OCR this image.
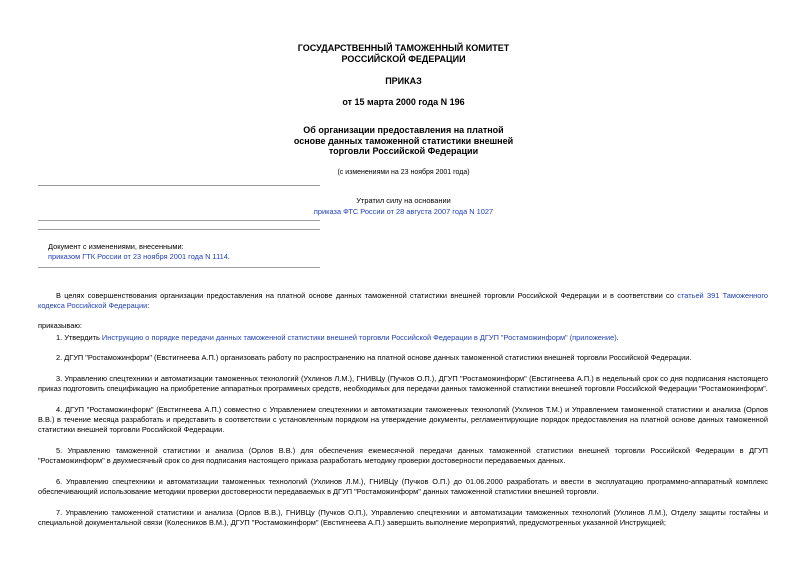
ГОСУДАРСТВЕННЫЙ ТАМОЖЕННЫЙ КОМИТЕТ
РОССИЙСКОЙ ФЕДЕРАЦИИ
ПРИКАЗ
от 15 марта 2000 года N 196
Об организации предоставления на платной
основе данных таможенной статистики внешней
торговли Российской Федерации
(с изменениями на 23 ноября 2001 года)
Утратил силу на основании
приказа ФТС России от 28 августа 2007 года N 1027
Документ с изменениями, внесенными:
приказом ГТК России от 23 ноября 2001 года N 1114.
В целях совершенствования организации предоставления на платной основе данных таможенной статистики внешней торговли Российской Федерации и в соответствии со статьей 391 Таможенного кодекса Российской Федерации:
приказываю:
1. Утвердить Инструкцию о порядке передачи данных таможенной статистики внешней торговли Российской Федерации в ДГУП "Ростаможинформ" (приложение).
2. ДГУП "Ростаможинформ" (Евстигнеева А.П.) организовать работу по распространению на платной основе данных таможенной статистики внешней торговли Российской Федерации.
3. Управлению спецтехники и автоматизации таможенных технологий (Ухлинов Л.М.), ГНИВЦу (Пучков О.П.), ДГУП "Ростаможинформ" (Евстигнеева А.П.) в недельный срок со дня подписания настоящего приказ подготовить спецификацию на приобретение аппаратных программных средств, необходимых для передачи данных таможенной статистики внешней торговли Российской Федерации "Ростаможинформ".
4. ДГУП "Ростаможинформ" (Евстигнеева А.П.) совместно с Управлением спецтехники и автоматизации таможенных технологий (Ухлинов Т.М.) и Управлением таможенной статистики и анализа (Орлов В.В.) в течение месяца разработать и представить в соответствии с установленным порядком на утверждение документы, регламентирующие порядок предоставления на платной основе данных таможенной статистики внешней торговли Российской Федерации.
5. Управлению таможенной статистики и анализа (Орлов В.В.) для обеспечения ежемесячной передачи данных таможенной статистики внешней торговли Российской Федерации в ДГУП "Ростаможинформ" в двухмесячный срок со дня подписания настоящего приказа разработать методику проверки достоверности передаваемых данных.
6. Управлению спецтехники и автоматизации таможенных технологий (Ухлинов Л.М.), ГНИВЦу (Пучков О.П.) до 01.06.2000 разработать и ввести в эксплуатацию программно-аппаратный комплекс обеспечивающий использование методики проверки достоверности передаваемых в ДГУП "Ростаможинформ" данных таможенной статистики внешней торговли.
7. Управлению таможенной статистики и анализа (Орлов В.В.), ГНИВЦу (Пучков О.П.), Управлению спецтехники и автоматизации таможенных технологий (Ухлинов Л.М.), Отделу защиты гостайны и специальной документальной связи (Колесников В.М.), ДГУП "Ростаможинформ" (Евстигнеева А.П.) завершить выполнение мероприятий, предусмотренных указанной Инструкцией;
